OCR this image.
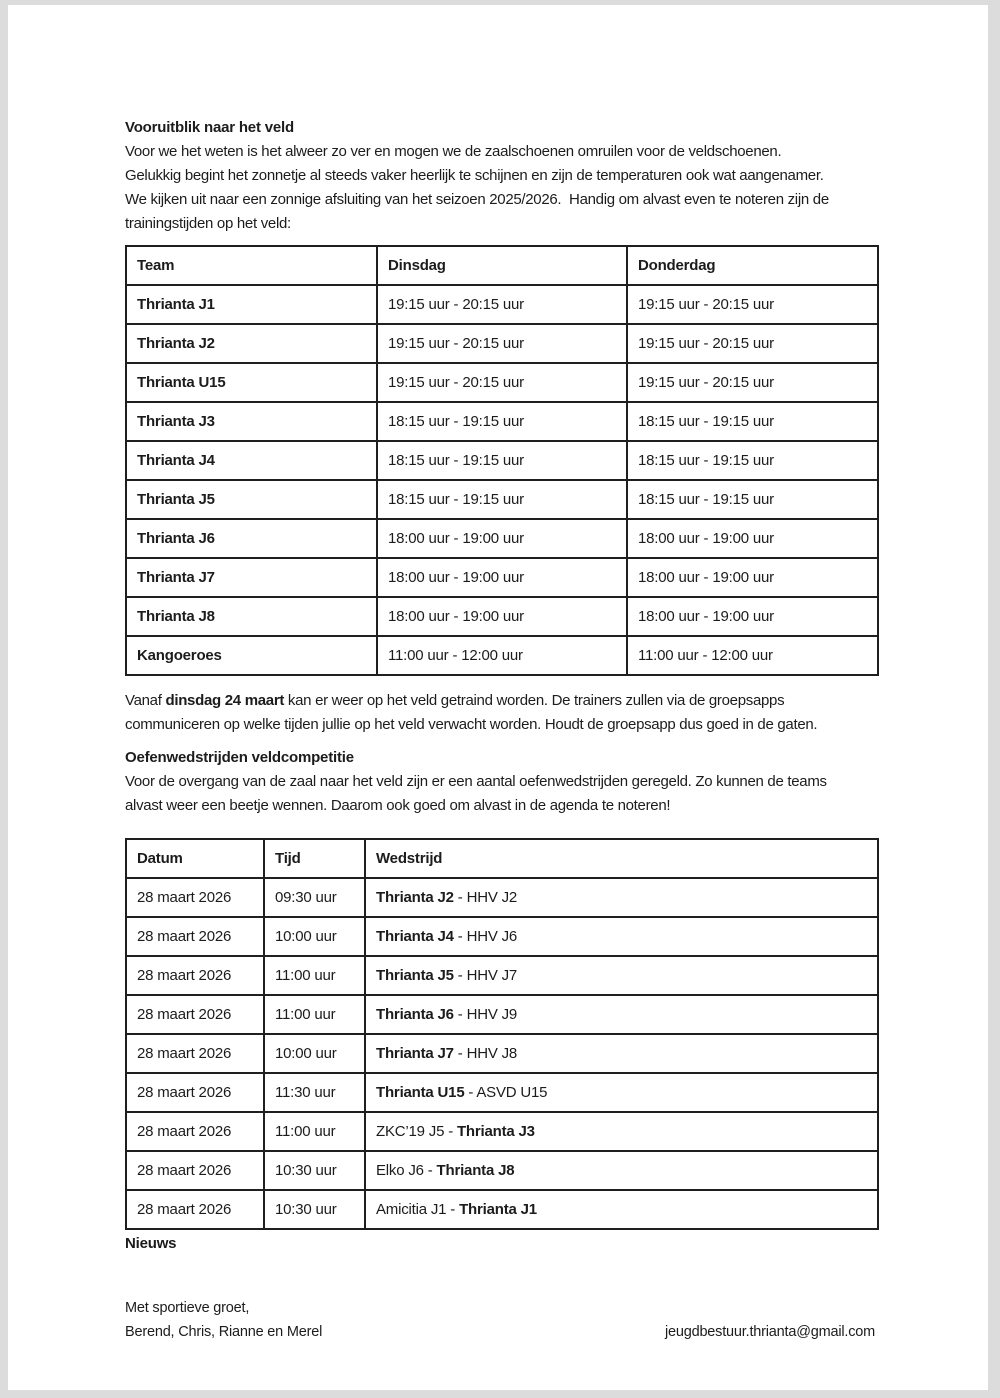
Vooruitblik naar het veld
Voor we het weten is het alweer zo ver en mogen we de zaalschoenen omruilen voor de veldschoenen.
Gelukkig begint het zonnetje al steeds vaker heerlijk te schijnen en zijn de temperaturen ook wat aangenamer.
We kijken uit naar een zonnige afsluiting van het seizoen 2025/2026.  Handig om alvast even te noteren zijn de
trainingstijden op het veld:
Team	Dinsdag	Donderdag
Thrianta J1	19:15 uur - 20:15 uur	19:15 uur - 20:15 uur
Thrianta J2	19:15 uur - 20:15 uur	19:15 uur - 20:15 uur
Thrianta U15	19:15 uur - 20:15 uur	19:15 uur - 20:15 uur
Thrianta J3	18:15 uur - 19:15 uur	18:15 uur - 19:15 uur
Thrianta J4	18:15 uur - 19:15 uur	18:15 uur - 19:15 uur
Thrianta J5	18:15 uur - 19:15 uur	18:15 uur - 19:15 uur
Thrianta J6	18:00 uur - 19:00 uur	18:00 uur - 19:00 uur
Thrianta J7	18:00 uur - 19:00 uur	18:00 uur - 19:00 uur
Thrianta J8	18:00 uur - 19:00 uur	18:00 uur - 19:00 uur
Kangoeroes	11:00 uur - 12:00 uur	11:00 uur - 12:00 uur
Vanaf dinsdag 24 maart kan er weer op het veld getraind worden. De trainers zullen via de groepsapps
communiceren op welke tijden jullie op het veld verwacht worden. Houdt de groepsapp dus goed in de gaten.
Oefenwedstrijden veldcompetitie
Voor de overgang van de zaal naar het veld zijn er een aantal oefenwedstrijden geregeld. Zo kunnen de teams
alvast weer een beetje wennen. Daarom ook goed om alvast in de agenda te noteren!
Datum	Tijd	Wedstrijd
28 maart 2026	09:30 uur	Thrianta J2 - HHV J2
28 maart 2026	10:00 uur	Thrianta J4 - HHV J6
28 maart 2026	11:00 uur	Thrianta J5 - HHV J7
28 maart 2026	11:00 uur	Thrianta J6 - HHV J9
28 maart 2026	10:00 uur	Thrianta J7 - HHV J8
28 maart 2026	11:30 uur	Thrianta U15 - ASVD U15
28 maart 2026	11:00 uur	ZKC’19 J5 - Thrianta J3
28 maart 2026	10:30 uur	Elko J6 - Thrianta J8
28 maart 2026	10:30 uur	Amicitia J1 - Thrianta J1
Nieuws
Met sportieve groet,
Berend, Chris, Rianne en Merel	jeugdbestuur.thrianta@gmail.com
